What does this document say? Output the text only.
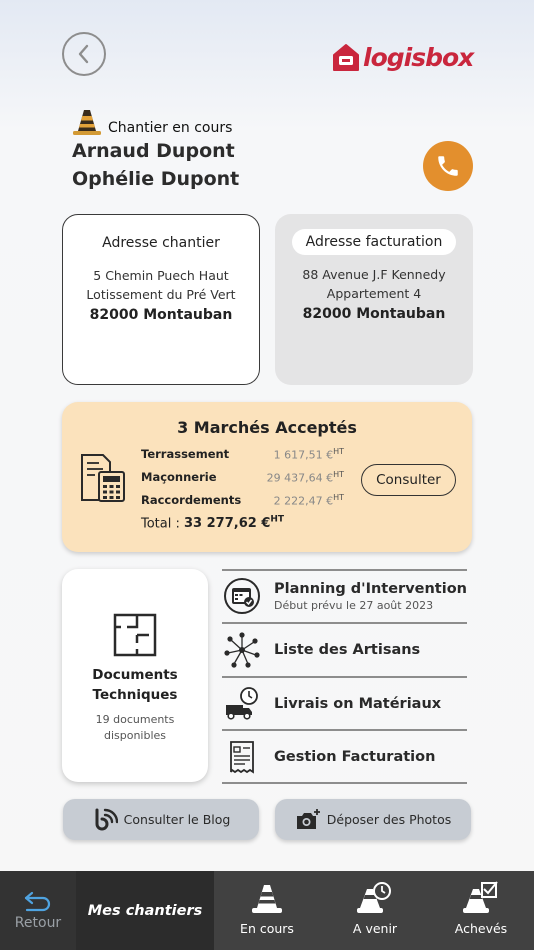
logisbox
Chantier en cours
Arnaud Dupont
Ophélie Dupont
Adresse chantier
5 Chemin Puech Haut
Lotissement du Pré Vert
82000 Montauban
Adresse facturation
88 Avenue J.F Kennedy
Appartement 4
82000 Montauban
3 Marchés Acceptés
Terrassement	1 617,51 €$^{HT}$
Maçonnerie	29 437,64 €$^{HT}$
Raccordements	2 222,47 €$^{HT}$
Total : 33 277,62 €$^{HT}$
Consulter
Documents
Techniques
19 documents
disponibles
Planning d'Intervention
Début prévu le 27 août 2023
Liste des Artisans
Livrais on Matériaux
Gestion Facturation
Consulter le Blog	Déposer des Photos
Retour
Mes chantiers
En cours	A venir	Achevés
